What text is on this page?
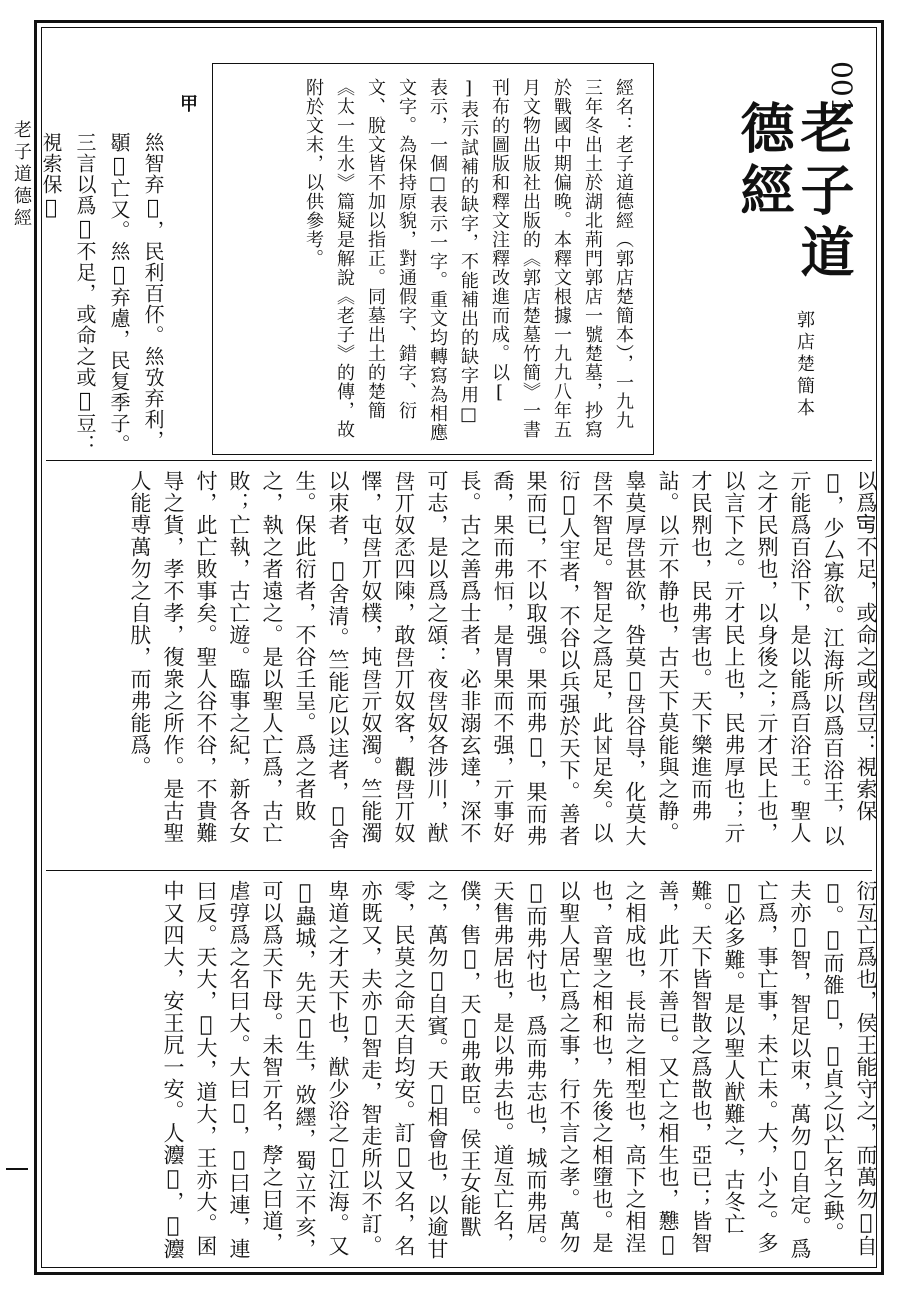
老子道德經
001
老子道德經
郭店楚簡本
經名：老子道德經（郭店楚簡本），一九九三年冬出土於湖北荊門郭店一號楚墓，抄寫於戰國中期偏晚。本釋文根據一九九八年五月文物出版社出版的《郭店楚墓竹簡》一書刊布的圖版和釋文注釋改進而成。以[ ]表示試補的缺字，不能補出的缺字用□表示，一個□表示一字。重文均轉寫為相應文字。為保持原貌，對通假字、錯字、衍文、脫文皆不加以指正。同墓出土的楚簡《太一生水》篇疑是解說《老子》的傳，故附於文末，以供參考。
甲
𢇁智弃𠭄，民利百伓。𢇁攷弃利，䫘𢅥亡又。𢇁𢧵弃慮，民复季子。三言以爲𡧍不足，或命之或𠰔豆：視索保𥎝
以爲𡧍不足，或命之或𠰔豆：視索保𥎝，少厶寡欲。江海所以爲百浴王，以亓能爲百浴下，是以能爲百浴王。聖人之才民𠝹也，以身後之；亓才民上也，以言下之。亓才民上也，民弗厚也；亓才民𠝹也，民弗害也。天下樂進而弗詀。以亓不静也，古天下莫能與之静。辠莫厚𠰔甚欲，咎莫𢡺𠰔谷㝵，化莫大𠰔不智足。智足之爲足，此𠀠足矣。以衍𢘙人宔者，不谷以兵强於天下。善者果而已，不以取强。果而弗𢡺，果而弗喬，果而弗𢘆，是胃果而不强，亓事好長。古之善爲士者，必非溺玄達，深不可志，是以爲之頌：夜𠰔奴各涉川，猷𠰔丌奴𢘅四𨻰，敢𠰔丌奴客，觀𠰔丌奴懌，屯𠰔丌奴樸，坉𠰔亓奴濁。竺能濁以朿者，𤍲舍清。竺能庀以迬者，𤍲舍生。保此衍者，不谷𡈼呈。爲之者敗之，執之者遠之。是以聖人亡爲，古亡敗；亡執，古亡遊。臨事之紀，新各女忖，此亡敗事矣。聖人谷不谷，不貴難㝵之貨，孝不孝，復衆之所作。是古聖人能尃萬勿之自肰，而弗能爲。
衍亙亡爲也，侯王能守之，而萬勿𤍲自𢡺。𢡺而雒𠭄，𤍲貞之以亡名之𡙇。夫亦𤍲智，智足以朿，萬勿𤍲自定。爲亡爲，事亡事，未亡未。大，小之。多𢜲必多難。是以聖人猷難之，古冬亡難。天下皆智㪚之爲㪚也，亞已；皆智善，此丌不善已。又亡之相生也，戁𢜲之相成也，長耑之相型也，高下之相浧也，音聖之相和也，先後之相墮也。是以聖人居亡爲之事，行不言之孝。萬勿𢈔而弗忖也，爲而弗志也，城而弗居。天售弗居也，是以弗去也。道亙亡名，僕，售𡧍，天𡒄弗敢臣。侯王女能獸之，萬勿𤍲自賓。天𡒄相會也，以逾甘零，民莫之命天自均安。訂𣂚又名，名亦既又，夫亦𤍲智走，智走所以不訂。卑道之才天下也，猷少浴之𢇛江海。又𤍲蟲城，先天𡒄生，敚纆，蜀立不亥，可以爲天下母。未智亓名，孷之曰道，虐弴爲之名曰大。大曰𨔶，𨔶曰連，連曰反。天大，𡒄大，道大，王亦大。囷中又四大，安王凥一安。人灋𡒄，𡒄灋
